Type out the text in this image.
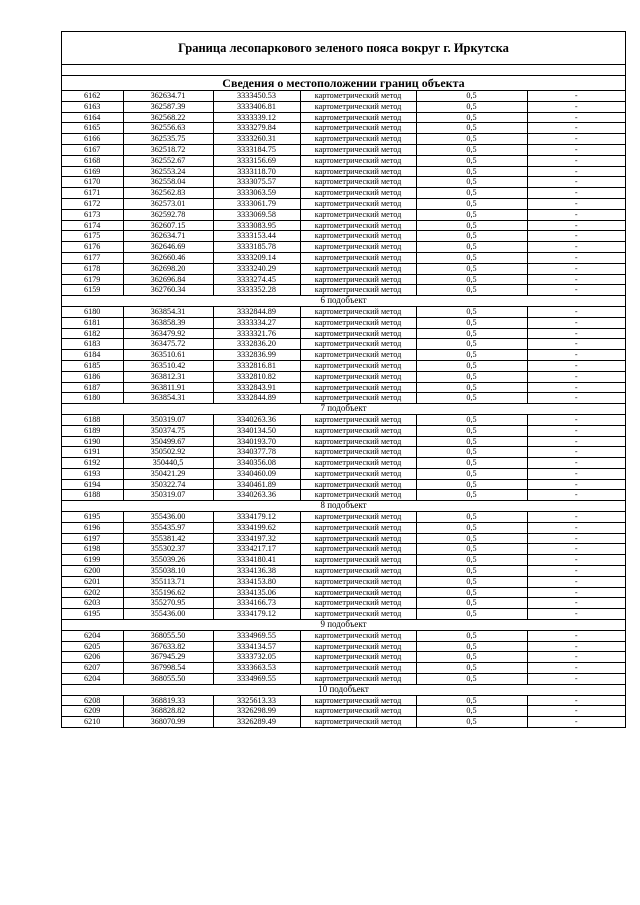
Граница лесопаркового зеленого пояса вокруг г. Иркутска
Сведения о местоположении границ объекта
6162	362634.71	3333450.53	картометрический метод	0,5	-
6163	362587.39	3333406.81	картометрический метод	0,5	-
6164	362568.22	3333339.12	картометрический метод	0,5	-
6165	362556.63	3333279.84	картометрический метод	0,5	-
6166	362535.75	3333260.31	картометрический метод	0,5	-
6167	362518.72	3333184.75	картометрический метод	0,5	-
6168	362552.67	3333156.69	картометрический метод	0,5	-
6169	362553.24	3333118.70	картометрический метод	0,5	-
6170	362558.04	3333075.57	картометрический метод	0,5	-
6171	362562.83	3333063.59	картометрический метод	0,5	-
6172	362573.01	3333061.79	картометрический метод	0,5	-
6173	362592.78	3333069.58	картометрический метод	0,5	-
6174	362607.15	3333083.95	картометрический метод	0,5	-
6175	362634.71	3333153.44	картометрический метод	0,5	-
6176	362646.69	3333185.78	картометрический метод	0,5	-
6177	362660.46	3333209.14	картометрический метод	0,5	-
6178	362698.20	3333240.29	картометрический метод	0,5	-
6179	362696.84	3333274.45	картометрический метод	0,5	-
6159	362760.34	3333352.28	картометрический метод	0,5	-
6 подобъект					
6180	363854.31	3332844.89	картометрический метод	0,5	-
6181	363858.39	3333334.27	картометрический метод	0,5	-
6182	363479.92	3333321.76	картометрический метод	0,5	-
6183	363475.72	3332836.20	картометрический метод	0,5	-
6184	363510.61	3332836.99	картометрический метод	0,5	-
6185	363510.42	3332816.81	картометрический метод	0,5	-
6186	363812.31	3332810.82	картометрический метод	0,5	-
6187	363811.91	3332843.91	картометрический метод	0,5	-
6180	363854.31	3332844.89	картометрический метод	0,5	-
7 подобъект					
6188	350319.07	3340263.36	картометрический метод	0,5	-
6189	350374.75	3340134.50	картометрический метод	0,5	-
6190	350499.67	3340193.70	картометрический метод	0,5	-
6191	350502.92	3340377.78	картометрический метод	0,5	-
6192	350440,5	3340356.08	картометрический метод	0,5	-
6193	350421.29	3340460.09	картометрический метод	0,5	-
6194	350322.74	3340461.89	картометрический метод	0,5	-
6188	350319.07	3340263.36	картометрический метод	0,5	-
8 подобъект					
6195	355436.00	3334179.12	картометрический метод	0,5	-
6196	355435.97	3334199.62	картометрический метод	0,5	-
6197	355381.42	3334197.32	картометрический метод	0,5	-
6198	355302.37	3334217.17	картометрический метод	0,5	-
6199	355039.26	3334180.41	картометрический метод	0,5	-
6200	355038.10	3334136.38	картометрический метод	0,5	-
6201	355113.71	3334153.80	картометрический метод	0,5	-
6202	355196.62	3334135.06	картометрический метод	0,5	-
6203	355270.95	3334166.73	картометрический метод	0,5	-
6195	355436.00	3334179.12	картометрический метод	0,5	-
9 подобъект					
6204	368055.50	3334969.55	картометрический метод	0,5	-
6205	367633.82	3334134.57	картометрический метод	0,5	-
6206	367945.29	3333732.05	картометрический метод	0,5	-
6207	367998.54	3333663.53	картометрический метод	0,5	-
6204	368055.50	3334969.55	картометрический метод	0,5	-
10 подобъект					
6208	368819.33	3325613.33	картометрический метод	0,5	-
6209	368828.82	3326298.99	картометрический метод	0,5	-
6210	368070.99	3326289.49	картометрический метод	0,5	-
